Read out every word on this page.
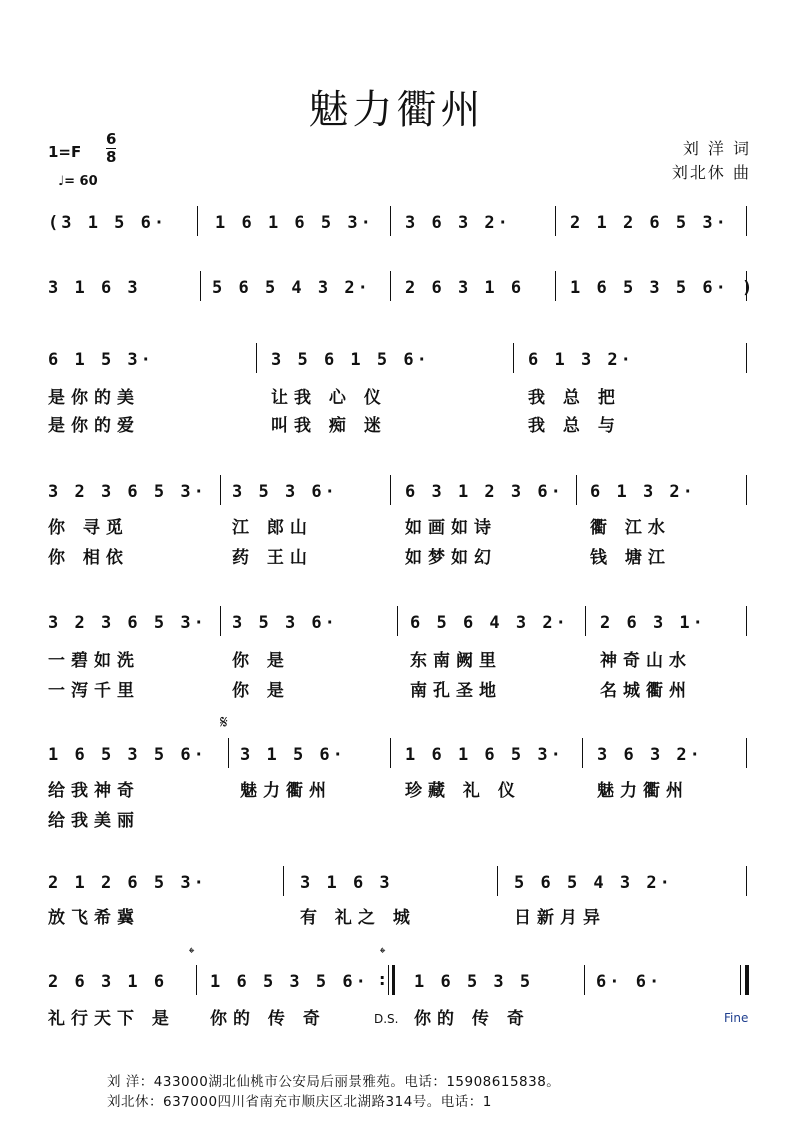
魅力衢州
1=F
6
8
♩= 60
刘 洋 词
刘北休 曲
(3 1 5 6·	1 6 1 6 5 3· 3 6 3 2·	2 1 2 6 5 3·
3 1 6 3	5 6 5 4 3 2· 2 6 3 1 6	1 6 5 3 5 6· )
6 1 5 3·	3 5 6 1 5 6·	6 1 3 2·
是你的美	让我 心 仪	我 总 把
是你的爱	叫我 痴 迷	我 总 与
3 2 3 6 5 3· 3 5 3 6·	6 3 1 2 3 6· 6 1 3 2·
你 寻觅	江 郎山	如画如诗	衢 江水
你 相依	药 王山	如梦如幻	钱 塘江
3 2 3 6 5 3· 3 5 3 6·	6 5 6 4 3 2· 2 6 3 1·
一碧如洗	你 是	东南阙里	神奇山水
一泻千里	你 是	南孔圣地	名城衢州
𝄋
1 6 5 3 5 6· 3 1 5 6·	1 6 1 6 5 3· 3 6 3 2·
给我神奇	魅力衢州	珍藏 礼 仪	魅力衢州
给我美丽
2 1 2 6 5 3·	3 1 6 3	5 6 5 4 3 2·
放飞希冀	有 礼之 城	日新月异
𝄌	𝄌
2 6 3 1 6	1 6 5 3 5 6· : 1 6 5 3 5	6· 6·
礼行天下 是 你的 传 奇	D.S. 你的 传 奇	Fine
刘 洋：433000湖北仙桃市公安局后丽景雅苑。电话：15908615838。
刘北休：637000四川省南充市顺庆区北湖路314号。电话：1
